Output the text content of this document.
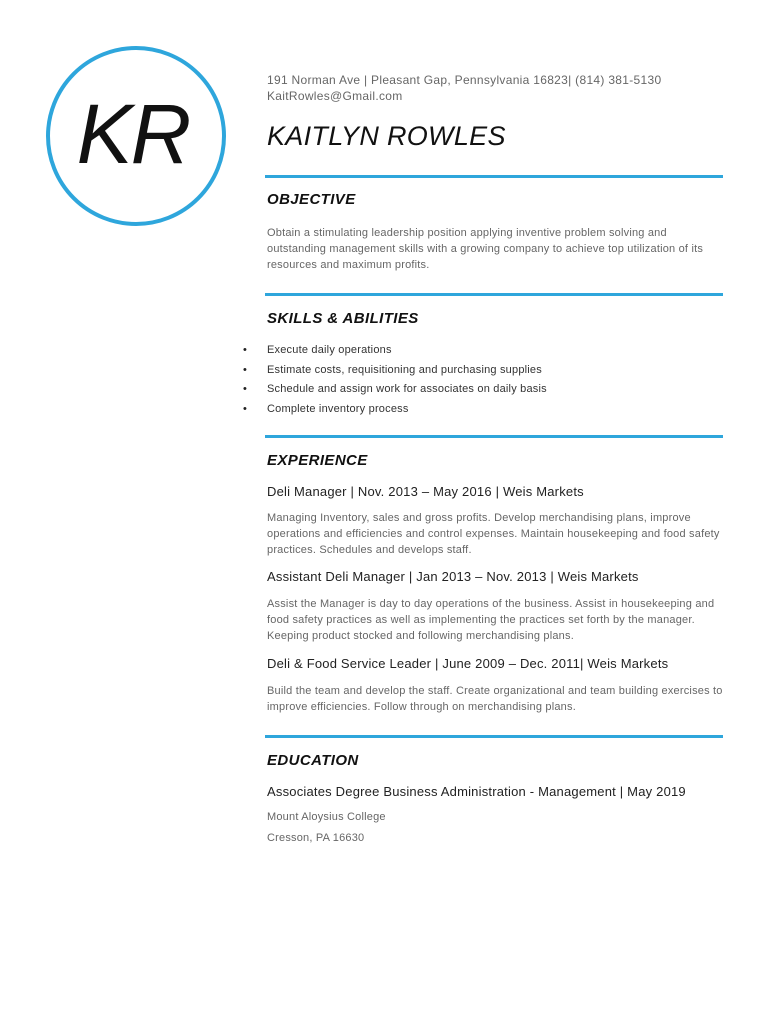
KR
191 Norman Ave | Pleasant Gap, Pennsylvania 16823| (814) 381-5130
KaitRowles@Gmail.com
KAITLYN ROWLES
OBJECTIVE
Obtain a stimulating leadership position applying inventive problem solving and outstanding management skills with a growing company to achieve top utilization of its resources and maximum profits.
SKILLS & ABILITIES
• Execute daily operations
• Estimate costs, requisitioning and purchasing supplies
• Schedule and assign work for associates on daily basis
• Complete inventory process
EXPERIENCE
Deli Manager | Nov. 2013 – May 2016 | Weis Markets
Managing Inventory, sales and gross profits. Develop merchandising plans, improve operations and efficiencies and control expenses. Maintain housekeeping and food safety practices. Schedules and develops staff.
Assistant Deli Manager | Jan 2013 – Nov. 2013 | Weis Markets
Assist the Manager is day to day operations of the business. Assist in housekeeping and food safety practices as well as implementing the practices set forth by the manager. Keeping product stocked and following merchandising plans.
Deli & Food Service Leader | June 2009 – Dec. 2011| Weis Markets
Build the team and develop the staff. Create organizational and team building exercises to improve efficiencies. Follow through on merchandising plans.
EDUCATION
Associates Degree Business Administration - Management | May 2019
Mount Aloysius College
Cresson, PA 16630
